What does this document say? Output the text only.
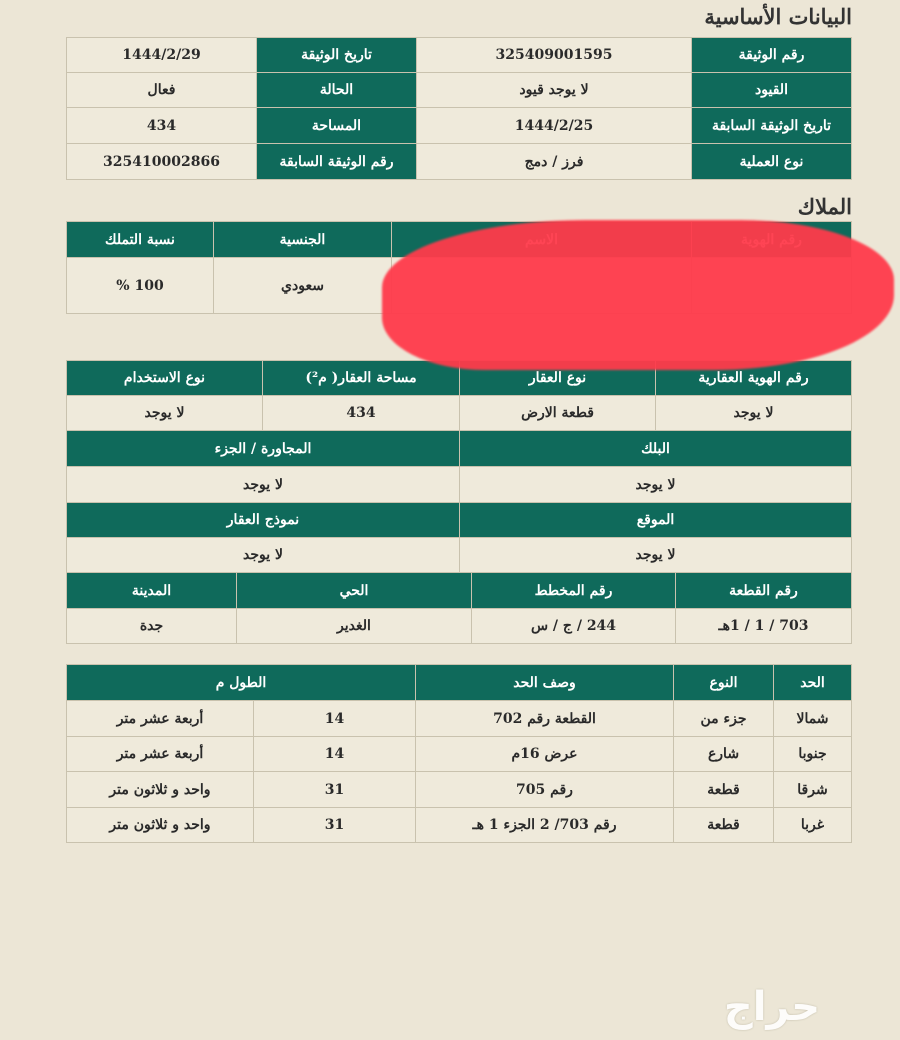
البيانات الأساسية
رقم الوثيقة	325409001595	تاريخ الوثيقة	1444/2/29
القيود	لا يوجد قيود	الحالة	فعال
تاريخ الوثيقة السابقة	1444/2/25	المساحة	434
نوع العملية	فرز / دمج	رقم الوثيقة السابقة	325410002866
الملاك
		الجنسية	نسبة التملك
		سعودي	100 %
رقم الهوية العقارية	نوع العقار	مساحة العقار( م²)	نوع الاستخدام
لا يوجد	قطعة الارض	434	لا يوجد
البلك		المجاورة / الجزء	
لا يوجد		لا يوجد	
الموقع		نموذج العقار	
لا يوجد		لا يوجد	
رقم القطعة	رقم المخطط	الحي	المدينة
703 / 1 / 1هـ	244 / ج / س	الغدير	جدة
الحد	النوع	وصف الحد	الطول م	
شمالا	جزء من	القطعة رقم 702	14	أربعة عشر متر
جنوبا	شارع	عرض 16م	14	أربعة عشر متر
شرقا	قطعة	رقم 705	31	واحد و ثلاثون متر
غربا	قطعة	رقم 703/ 2 الجزء 1 هـ	31	واحد و ثلاثون متر
حراج
